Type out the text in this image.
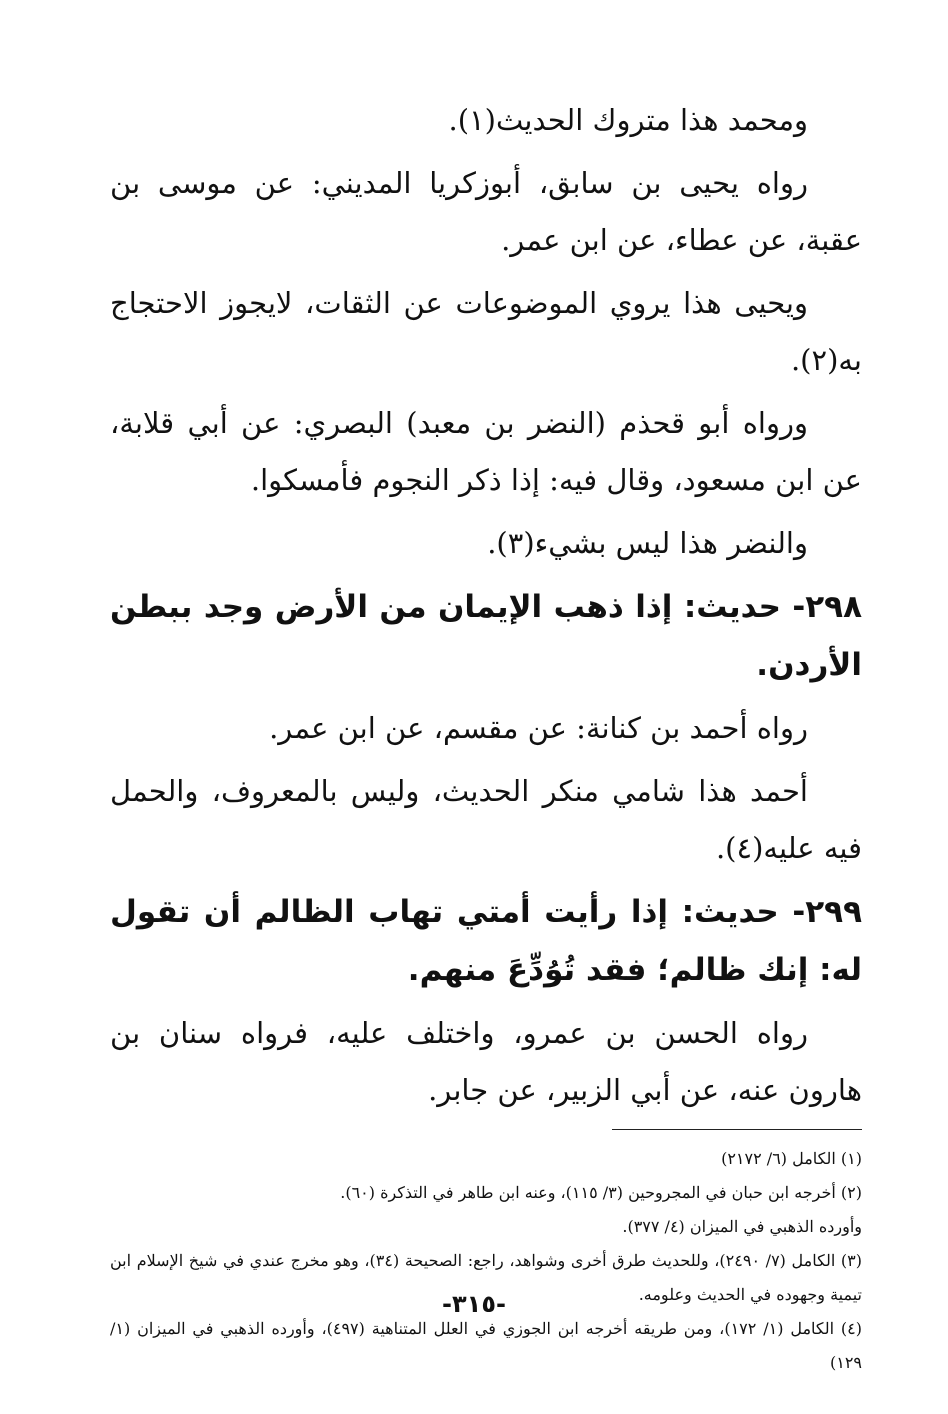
ومحمد هذا متروك الحديث(١).

رواه يحيى بن سابق، أبوزكريا المديني: عن موسى بن عقبة، عن عطاء، عن ابن عمر.

ويحيى هذا يروي الموضوعات عن الثقات، لايجوز الاحتجاج به(٢).

ورواه أبو قحذم (النضر بن معبد) البصري: عن أبي قلابة، عن ابن مسعود، وقال فيه: إذا ذكر النجوم فأمسكوا.

والنضر هذا ليس بشيء(٣).

٢٩٨- حديث: إذا ذهب الإيمان من الأرض وجد ببطن الأردن.

رواه أحمد بن كنانة: عن مقسم، عن ابن عمر.

أحمد هذا شامي منكر الحديث، وليس بالمعروف، والحمل فيه عليه(٤).

٢٩٩- حديث: إذا رأيت أمتي تهاب الظالم أن تقول له: إنك ظالم؛ فقد تُوُدِّعَ منهم.

رواه الحسن بن عمرو، واختلف عليه، فرواه سنان بن هارون عنه، عن أبي الزبير، عن جابر.

(١) الكامل (٦/ ٢١٧٢)

(٢) أخرجه ابن حبان في المجروحين (٣/ ١١٥)، وعنه ابن طاهر في التذكرة (٦٠).

وأورده الذهبي في الميزان (٤/ ٣٧٧).

(٣) الكامل (٧/ ٢٤٩٠)، وللحديث طرق أخرى وشواهد، راجع: الصحيحة (٣٤)، وهو مخرج عندي في شيخ الإسلام ابن تيمية وجهوده في الحديث وعلومه.

(٤) الكامل (١/ ١٧٢)، ومن طريقه أخرجه ابن الجوزي في العلل المتناهية (٤٩٧)، وأورده الذهبي في الميزان (١/ ١٢٩)

-٣١٥-
